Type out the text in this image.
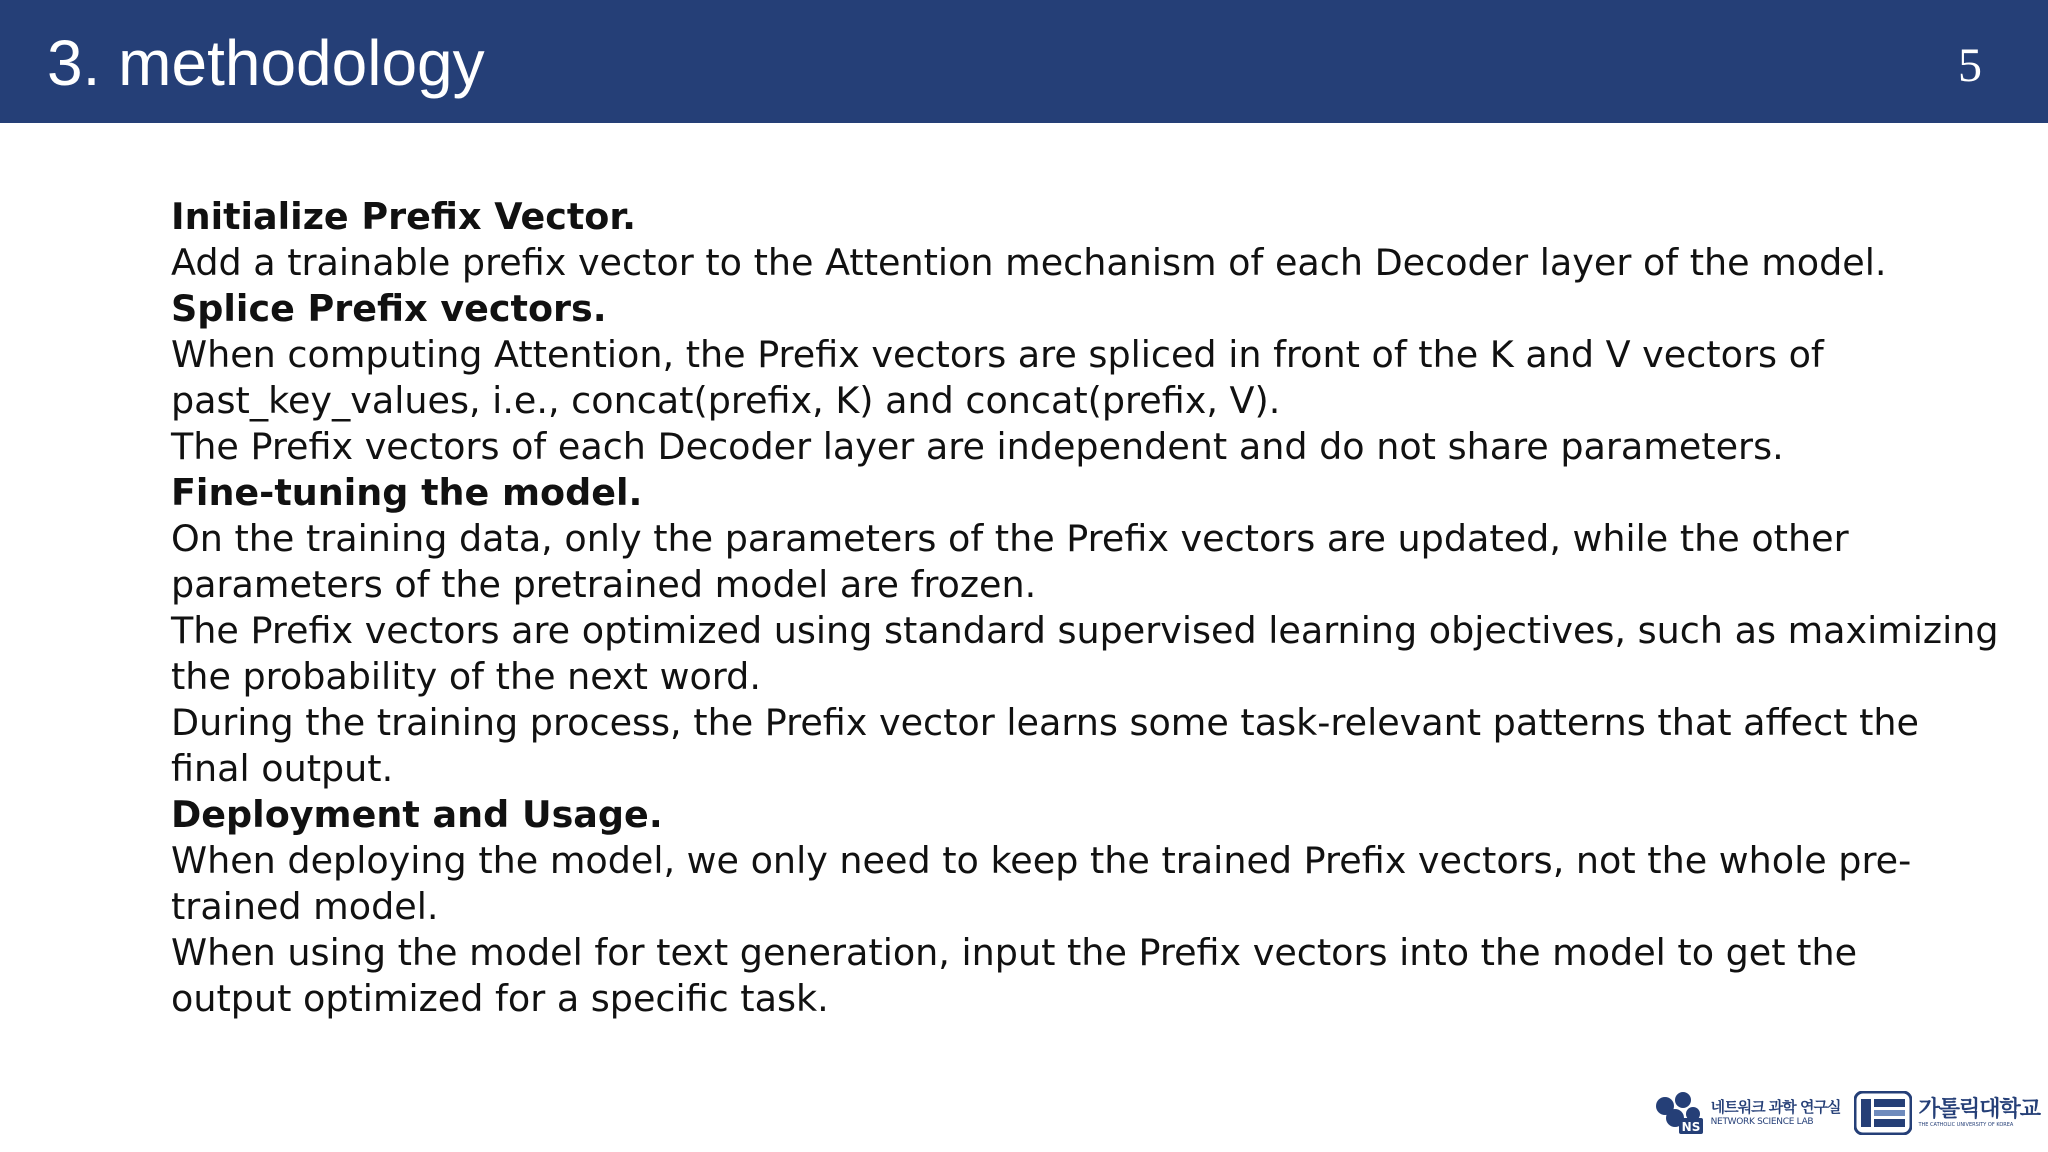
3. methodology	5
Initialize Prefix Vector.
Add a trainable prefix vector to the Attention mechanism of each Decoder layer of the model.
Splice Prefix vectors.
When computing Attention, the Prefix vectors are spliced in front of the K and V vectors of
past_key_values, i.e., concat(prefix, K) and concat(prefix, V).
The Prefix vectors of each Decoder layer are independent and do not share parameters.
Fine-tuning the model.
On the training data, only the parameters of the Prefix vectors are updated, while the other
parameters of the pretrained model are frozen.
The Prefix vectors are optimized using standard supervised learning objectives, such as maximizing
the probability of the next word.
During the training process, the Prefix vector learns some task-relevant patterns that affect the
final output.
Deployment and Usage.
When deploying the model, we only need to keep the trained Prefix vectors, not the whole pre-
trained model.
When using the model for text generation, input the Prefix vectors into the model to get the
output optimized for a specific task.
NS
네트워크 과학 연구실
NETWORK SCIENCE LAB	가톨릭대학교
THE CATHOLIC UNIVERSITY OF KOREA
